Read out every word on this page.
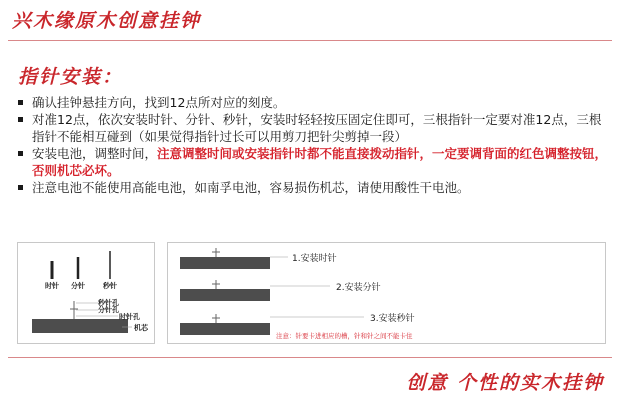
兴木缘原木创意挂钟
指针安装：
确认挂钟悬挂方向，找到12点所对应的刻度。
对准12点，依次安装时针、分针、秒针，安装时轻轻按压固定住即可，三根指针一定要对准12点，三根指针不能相互碰到（如果觉得指针过长可以用剪刀把针尖剪掉一段）
安装电池，调整时间，注意调整时间或安装指针时都不能直接拨动指针，一定要调背面的红色调整按钮，否则机芯必坏。
注意电池不能使用高能电池，如南孚电池，容易损伤机芯，请使用酸性干电池。
时针 分针	秒针
秒针孔
分针孔
时针孔
机芯
1.安装时针
2.安装分针
3.安装秒针
注意：针要卡进相应的槽，针和针之间不能卡住
创意 个性的实木挂钟
